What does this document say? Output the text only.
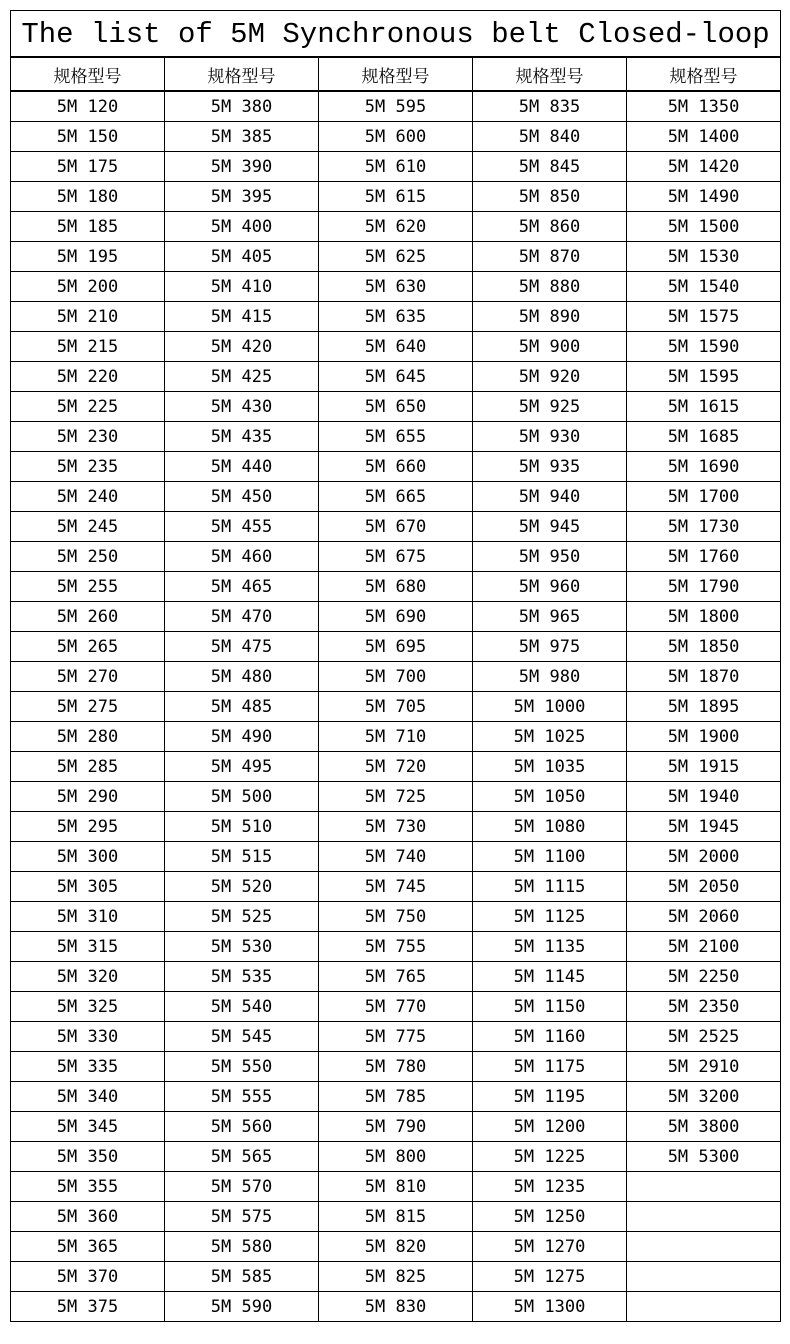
The list of 5M Synchronous belt Closed-loop				
规格型号	规格型号	规格型号	规格型号	规格型号
5M 120	5M 380	5M 595	5M 835	5M 1350
5M 150	5M 385	5M 600	5M 840	5M 1400
5M 175	5M 390	5M 610	5M 845	5M 1420
5M 180	5M 395	5M 615	5M 850	5M 1490
5M 185	5M 400	5M 620	5M 860	5M 1500
5M 195	5M 405	5M 625	5M 870	5M 1530
5M 200	5M 410	5M 630	5M 880	5M 1540
5M 210	5M 415	5M 635	5M 890	5M 1575
5M 215	5M 420	5M 640	5M 900	5M 1590
5M 220	5M 425	5M 645	5M 920	5M 1595
5M 225	5M 430	5M 650	5M 925	5M 1615
5M 230	5M 435	5M 655	5M 930	5M 1685
5M 235	5M 440	5M 660	5M 935	5M 1690
5M 240	5M 450	5M 665	5M 940	5M 1700
5M 245	5M 455	5M 670	5M 945	5M 1730
5M 250	5M 460	5M 675	5M 950	5M 1760
5M 255	5M 465	5M 680	5M 960	5M 1790
5M 260	5M 470	5M 690	5M 965	5M 1800
5M 265	5M 475	5M 695	5M 975	5M 1850
5M 270	5M 480	5M 700	5M 980	5M 1870
5M 275	5M 485	5M 705	5M 1000	5M 1895
5M 280	5M 490	5M 710	5M 1025	5M 1900
5M 285	5M 495	5M 720	5M 1035	5M 1915
5M 290	5M 500	5M 725	5M 1050	5M 1940
5M 295	5M 510	5M 730	5M 1080	5M 1945
5M 300	5M 515	5M 740	5M 1100	5M 2000
5M 305	5M 520	5M 745	5M 1115	5M 2050
5M 310	5M 525	5M 750	5M 1125	5M 2060
5M 315	5M 530	5M 755	5M 1135	5M 2100
5M 320	5M 535	5M 765	5M 1145	5M 2250
5M 325	5M 540	5M 770	5M 1150	5M 2350
5M 330	5M 545	5M 775	5M 1160	5M 2525
5M 335	5M 550	5M 780	5M 1175	5M 2910
5M 340	5M 555	5M 785	5M 1195	5M 3200
5M 345	5M 560	5M 790	5M 1200	5M 3800
5M 350	5M 565	5M 800	5M 1225	5M 5300
5M 355	5M 570	5M 810	5M 1235	
5M 360	5M 575	5M 815	5M 1250	
5M 365	5M 580	5M 820	5M 1270	
5M 370	5M 585	5M 825	5M 1275	
5M 375	5M 590	5M 830	5M 1300	
